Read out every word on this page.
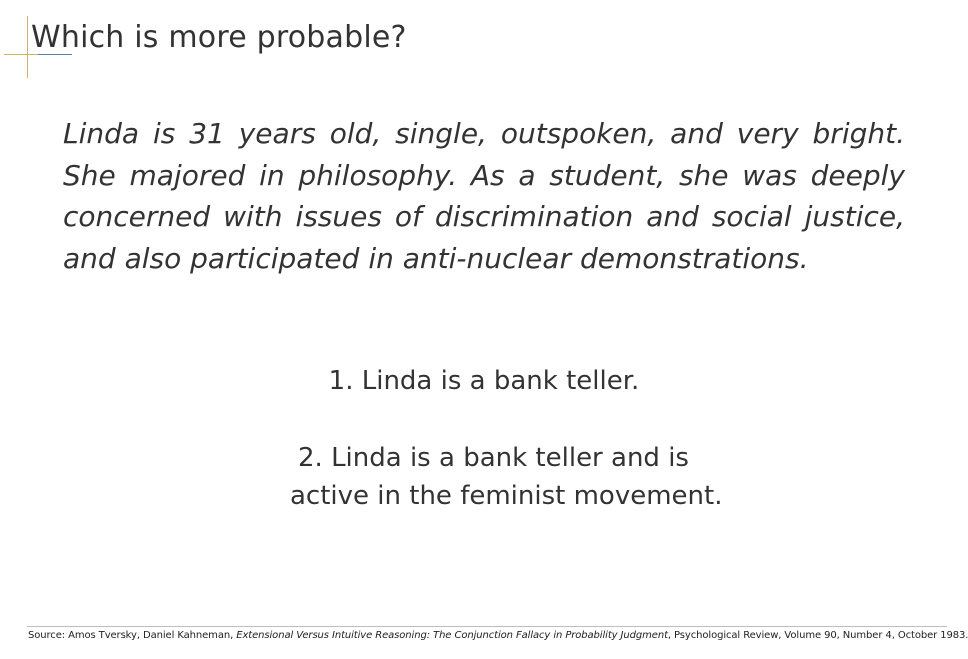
Which is more probable?
Linda is 31 years old, single, outspoken, and very bright. She majored in philosophy. As a student, she was deeply concerned with issues of discrimination and social justice, and also participated in anti-nuclear demonstrations.
1. Linda is a bank teller.
2. Linda is a bank teller and is
active in the feminist movement.
Source: Amos Tversky, Daniel Kahneman, Extensional Versus Intuitive Reasoning: The Conjunction Fallacy in Probability Judgment, Psychological Review, Volume 90, Number 4, October 1983.
